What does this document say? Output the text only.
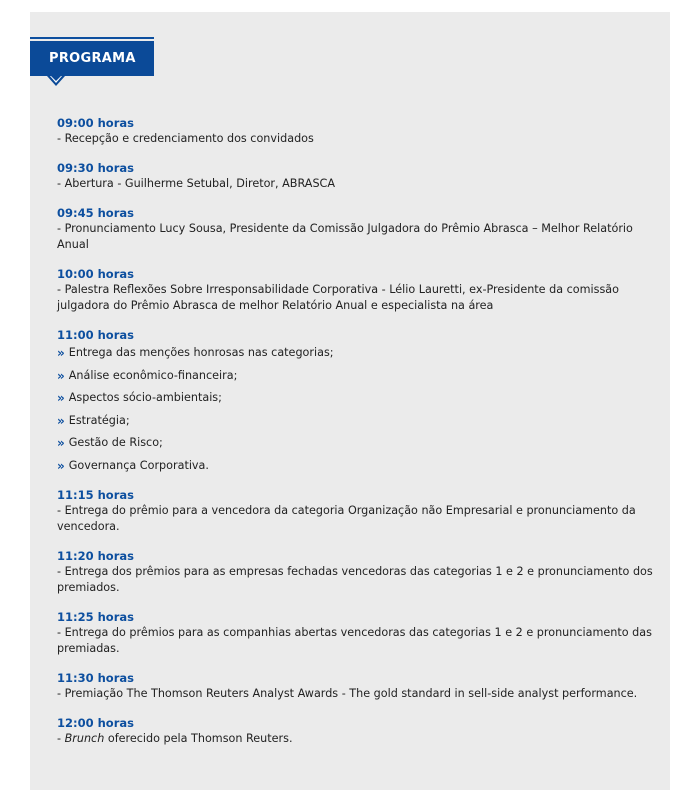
PROGRAMA
09:00 horas
- Recepção e credenciamento dos convidados
09:30 horas
- Abertura - Guilherme Setubal, Diretor, ABRASCA
09:45 horas
- Pronunciamento Lucy Sousa, Presidente da Comissão Julgadora do Prêmio Abrasca – Melhor Relatório Anual
10:00 horas
- Palestra Reflexões Sobre Irresponsabilidade Corporativa - Lélio Lauretti, ex-Presidente da comissão julgadora do Prêmio Abrasca de melhor Relatório Anual e especialista na área
11:00 horas
» Entrega das menções honrosas nas categorias;
» Análise econômico-financeira;
» Aspectos sócio-ambientais;
» Estratégia;
» Gestão de Risco;
» Governança Corporativa.
11:15 horas
- Entrega do prêmio para a vencedora da categoria Organização não Empresarial e pronunciamento da vencedora.
11:20 horas
- Entrega dos prêmios para as empresas fechadas vencedoras das categorias 1 e 2 e pronunciamento dos premiados.
11:25 horas
- Entrega do prêmios para as companhias abertas vencedoras das categorias 1 e 2 e pronunciamento das premiadas.
11:30 horas
- Premiação The Thomson Reuters Analyst Awards - The gold standard in sell-side analyst performance.
12:00 horas
- Brunch oferecido pela Thomson Reuters.
